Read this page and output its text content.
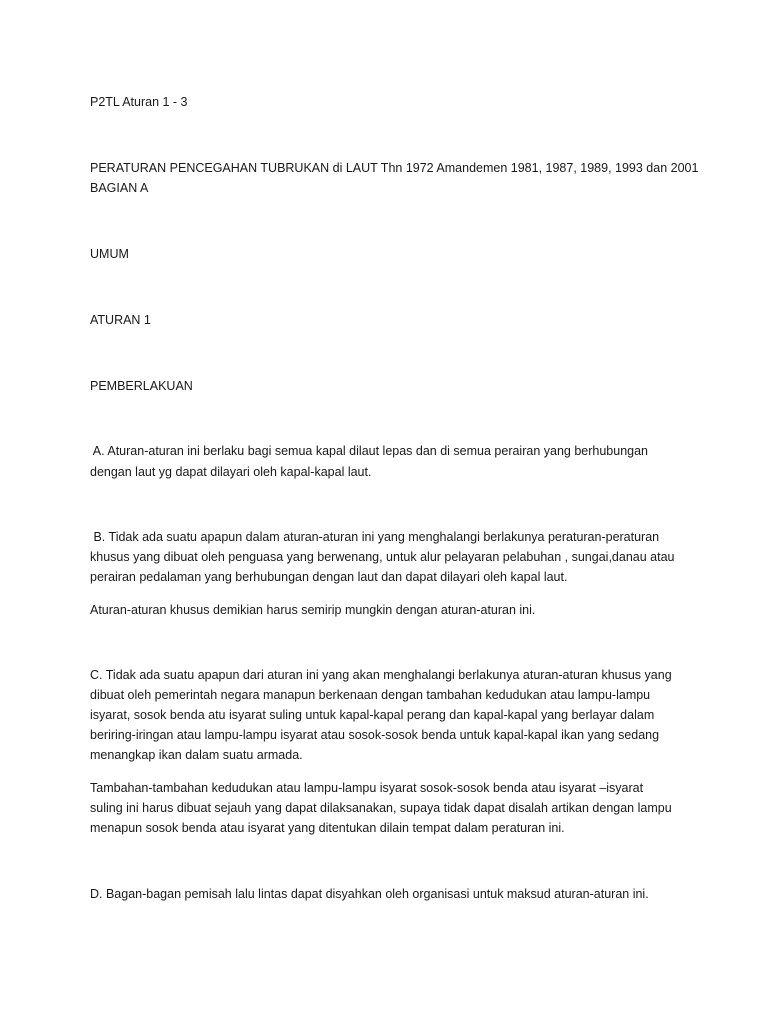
P2TL Aturan 1 - 3

PERATURAN PENCEGAHAN TUBRUKAN di LAUT Thn 1972 Amandemen 1981, 1987, 1989, 1993 dan 2001

BAGIAN A

UMUM

ATURAN 1

PEMBERLAKUAN

A. Aturan-aturan ini berlaku bagi semua kapal dilaut lepas dan di semua perairan yang berhubungan

dengan laut yg dapat dilayari oleh kapal-kapal laut.

B. Tidak ada suatu apapun dalam aturan-aturan ini yang menghalangi berlakunya peraturan-peraturan

khusus yang dibuat oleh penguasa yang berwenang, untuk alur pelayaran pelabuhan , sungai,danau atau

perairan pedalaman yang berhubungan dengan laut dan dapat dilayari oleh kapal laut.

Aturan-aturan khusus demikian harus semirip mungkin dengan aturan-aturan ini.

C. Tidak ada suatu apapun dari aturan ini yang akan menghalangi berlakunya aturan-aturan khusus yang

dibuat oleh pemerintah negara manapun berkenaan dengan tambahan kedudukan atau lampu-lampu

isyarat, sosok benda atu isyarat suling untuk kapal-kapal perang dan kapal-kapal yang berlayar dalam

beriring-iringan atau lampu-lampu isyarat atau sosok-sosok benda untuk kapal-kapal ikan yang sedang

menangkap ikan dalam suatu armada.

Tambahan-tambahan kedudukan atau lampu-lampu isyarat sosok-sosok benda atau isyarat –isyarat

suling ini harus dibuat sejauh yang dapat dilaksanakan, supaya tidak dapat disalah artikan dengan lampu

menapun sosok benda atau isyarat yang ditentukan dilain tempat dalam peraturan ini.

D. Bagan-bagan pemisah lalu lintas dapat disyahkan oleh organisasi untuk maksud aturan-aturan ini.
